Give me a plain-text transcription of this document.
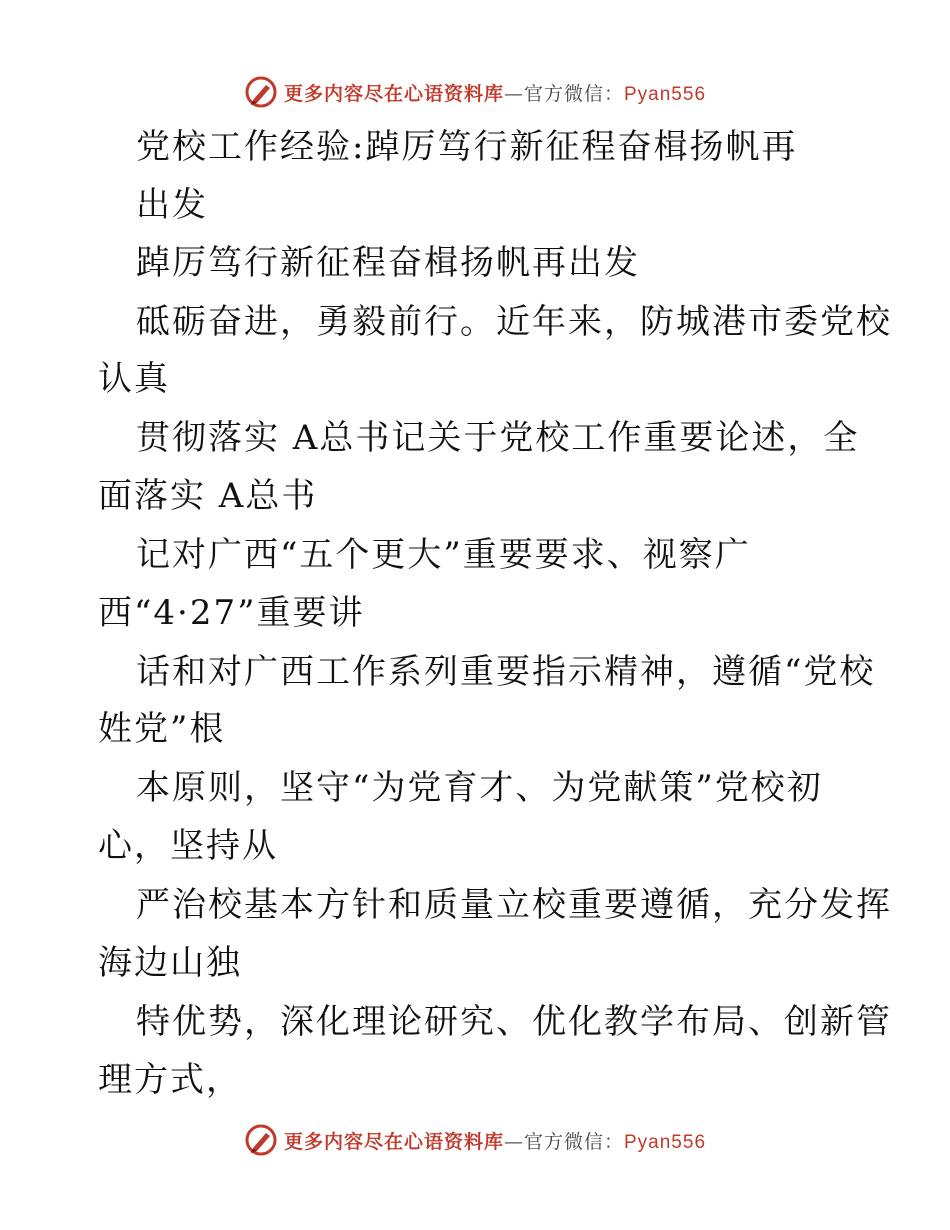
更多内容尽在心语资料库—官方微信：Pyan556
党校工作经验:踔厉笃行新征程奋楫扬帆再
出发
踔厉笃行新征程奋楫扬帆再出发
砥砺奋进，勇毅前行。近年来，防城港市委党校
认真
贯彻落实 A总书记关于党校工作重要论述，全
面落实 A总书
记对广西“五个更大”重要要求、视察广
西“4·27”重要讲
话和对广西工作系列重要指示精神，遵循“党校
姓党”根
本原则，坚守“为党育才、为党献策”党校初
心，坚持从
严治校基本方针和质量立校重要遵循，充分发挥
海边山独
特优势，深化理论研究、优化教学布局、创新管
理方式，
更多内容尽在心语资料库—官方微信：Pyan556
